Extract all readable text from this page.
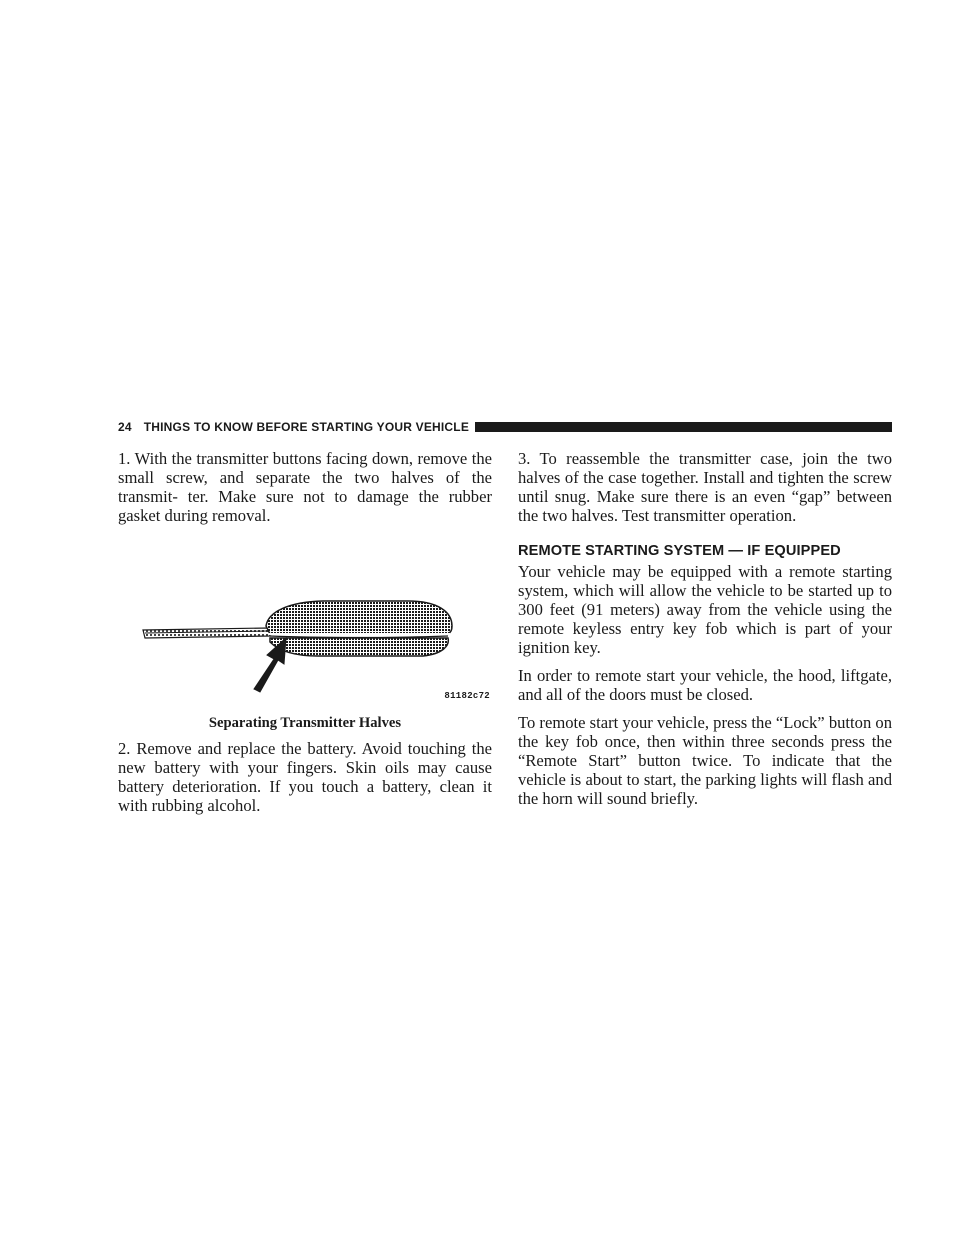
24 THINGS TO KNOW BEFORE STARTING YOUR VEHICLE

1. With the transmitter buttons facing down, remove the small screw, and separate the two halves of the transmit- ter. Make sure not to damage the rubber gasket during removal.

81182c72
Separating Transmitter Halves

2. Remove and replace the battery. Avoid touching the new battery with your fingers. Skin oils may cause battery deterioration. If you touch a battery, clean it with rubbing alcohol.

3. To reassemble the transmitter case, join the two halves of the case together. Install and tighten the screw until snug. Make sure there is an even “gap” between the two halves. Test transmitter operation.

REMOTE STARTING SYSTEM — IF EQUIPPED

Your vehicle may be equipped with a remote starting system, which will allow the vehicle to be started up to 300 feet (91 meters) away from the vehicle using the remote keyless entry key fob which is part of your ignition key.

In order to remote start your vehicle, the hood, liftgate, and all of the doors must be closed.

To remote start your vehicle, press the “Lock” button on the key fob once, then within three seconds press the “Remote Start” button twice. To indicate that the vehicle is about to start, the parking lights will flash and the horn will sound briefly.
